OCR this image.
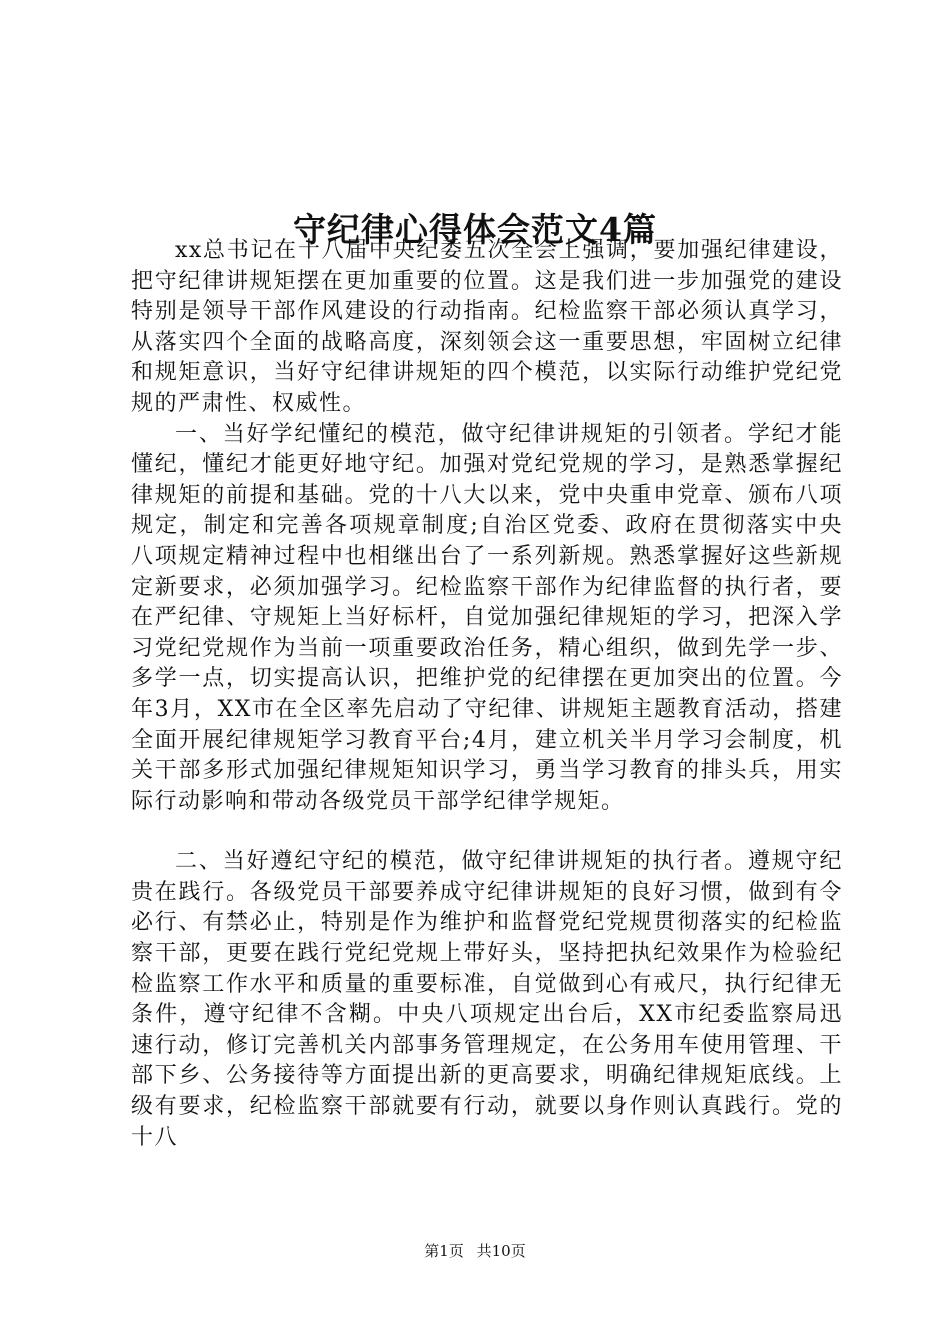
守纪律心得体会范文4篇

xx总书记在十八届中央纪委五次全会上强调，要加强纪律建设，把守纪律讲规矩摆在更加重要的位置。这是我们进一步加强党的建设特别是领导干部作风建设的行动指南。纪检监察干部必须认真学习，从落实四个全面的战略高度，深刻领会这一重要思想，牢固树立纪律和规矩意识，当好守纪律讲规矩的四个模范，以实际行动维护党纪党规的严肃性、权威性。

一、当好学纪懂纪的模范，做守纪律讲规矩的引领者。学纪才能懂纪，懂纪才能更好地守纪。加强对党纪党规的学习，是熟悉掌握纪律规矩的前提和基础。党的十八大以来，党中央重申党章、颁布八项规定，制定和完善各项规章制度;自治区党委、政府在贯彻落实中央八项规定精神过程中也相继出台了一系列新规。熟悉掌握好这些新规定新要求，必须加强学习。纪检监察干部作为纪律监督的执行者，要在严纪律、守规矩上当好标杆，自觉加强纪律规矩的学习，把深入学习党纪党规作为当前一项重要政治任务，精心组织，做到先学一步、多学一点，切实提高认识，把维护党的纪律摆在更加突出的位置。今年3月，XX市在全区率先启动了守纪律、讲规矩主题教育活动，搭建全面开展纪律规矩学习教育平台;4月，建立机关半月学习会制度，机关干部多形式加强纪律规矩知识学习，勇当学习教育的排头兵，用实际行动影响和带动各级党员干部学纪律学规矩。

二、当好遵纪守纪的模范，做守纪律讲规矩的执行者。遵规守纪贵在践行。各级党员干部要养成守纪律讲规矩的良好习惯，做到有令必行、有禁必止，特别是作为维护和监督党纪党规贯彻落实的纪检监察干部，更要在践行党纪党规上带好头，坚持把执纪效果作为检验纪检监察工作水平和质量的重要标准，自觉做到心有戒尺，执行纪律无条件，遵守纪律不含糊。中央八项规定出台后，XX市纪委监察局迅速行动，修订完善机关内部事务管理规定，在公务用车使用管理、干部下乡、公务接待等方面提出新的更高要求，明确纪律规矩底线。上级有要求，纪检监察干部就要有行动，就要以身作则认真践行。党的十八

第1页 共10页
